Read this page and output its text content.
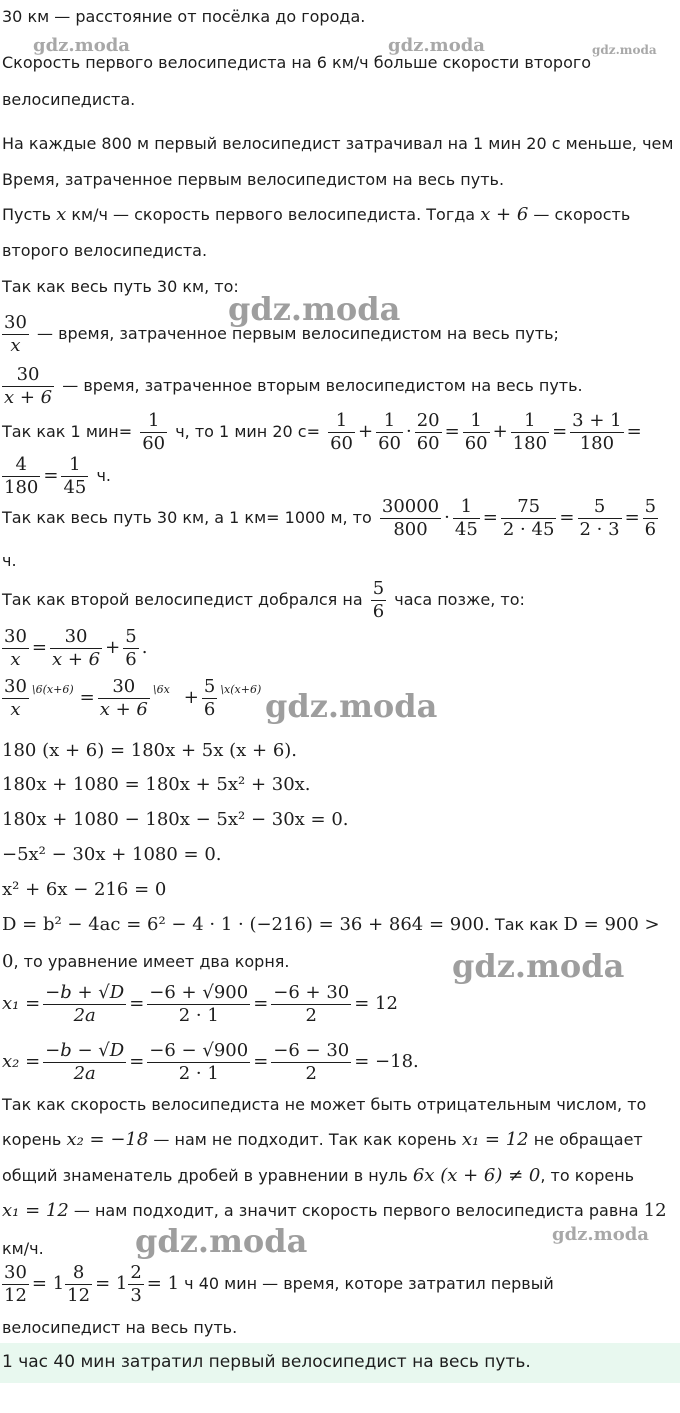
gdz.moda	gdz.moda	gdz.moda
gdz.moda
gdz.moda
gdz.moda
gdz.moda	gdz.moda
30 км — расстояние от посёлка до города.
Скорость первого велосипедиста на 6 км/ч больше скорости второго
велосипедиста.
На каждые 800 м первый велосипедист затрачивал на 1 мин 20 с меньше, чем
Время, затраченное первым велосипедистом на весь путь.
Пусть x км/ч — скорость первого велосипедиста. Тогда x + 6 — скорость
второго велосипедиста.
Так как весь путь 30 км, то:
$\frac{30}{x}$ — время, затраченное первым велосипедистом на весь путь;
$\frac{30}{x + 6}$ — время, затраченное вторым велосипедистом на весь путь.
Так как 1 $мин= \frac{1}{60} ч$, то 1 мин 20 $с= \frac{1}{60} + \frac{1}{60} \cdot \frac{20}{60} = \frac{1}{60} + \frac{1}{180} = \frac{3 + 1}{180}$ =
$\frac{4}{180} = \frac{1}{45} ч$.
Так как весь путь 30 км, а 1 км= 1000 м, то $\frac{30000}{800} \cdot \frac{1}{45} = \frac{75}{2 \cdot 45} = \frac{5}{2 \cdot 3} = \frac{5}{6}$
ч.
Так как второй велосипедист добрался на $\frac{5}{6}$ часа позже, то:
$\frac{30}{x} = \frac{30}{x + 6} + \frac{5}{6}$ .
$\frac{30}{x} ^{\backslash 6(x+6)} = \frac{30}{x + 6} ^{\backslash 6x} + \frac{5}{6} ^{\backslash x(x+6)}$
180 (x + 6) = 180x + 5x (x + 6).
180x + 1080 = 180x + 5x² + 30x.
180x + 1080 − 180x − 5x² − 30x = 0.
−5x² − 30x + 1080 = 0.
x² + 6x − 216 = 0
D = b² − 4ac = 6² − 4 · 1 · (−216) = 36 + 864 = 900. Так как D = 900 >
0, то уравнение имеет два корня.
$x_1 = \frac{-b + √D}{2a} = \frac{-6 + √900}{2 \cdot 1} = \frac{-6 + 30}{2} = 12$
$x_2 = \frac{-b - √D}{2a} = \frac{-6 - √900}{2 \cdot 1} = \frac{-6 - 30}{2} = -18$.
Так как скорость велосипедиста не может быть отрицательным числом, то
корень x₂ = −18 — нам не подходит. Так как корень x₁ = 12 не обращает
общий знаменатель дробей в уравнении в нуль 6x (x + 6) ≠ 0, то корень
x₁ = 12 — нам подходит, а значит скорость первого велосипедиста равна 12
км/ч.
$\frac{30}{12} = 1 \frac{8}{12} = 1 \frac{2}{3} = 1$ ч 40 мин — время, которе затратил первый
велосипедист на весь путь.
1 час 40 мин затратил первый велосипедист на весь путь.
